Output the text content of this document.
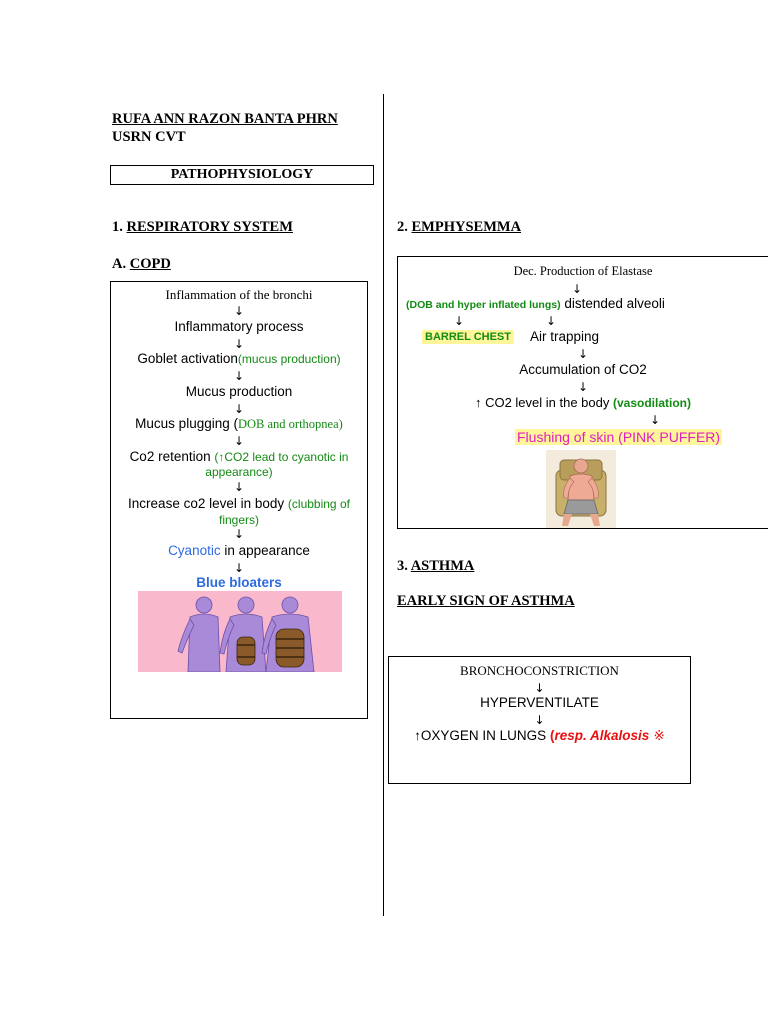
RUFA ANN RAZON BANTA PHRN
USRN CVT
PATHOPHYSIOLOGY
1. RESPIRATORY SYSTEM
A. COPD
Inflammation of the bronchi
↓
Inflammatory process
↓
Goblet activation(mucus production)
↓
Mucus production
↓
Mucus plugging (DOB and orthopnea)
↓
Co2 retention (↑CO2 lead to cyanotic in
appearance)
↓
Increase co2 level in body (clubbing of
fingers)
↓
Cyanotic in appearance
↓
Blue bloaters
2. EMPHYSEMMA
Dec. Production of Elastase
↓
(DOB and hyper inflated lungs) distended alveoli
↓	↓
BARREL CHEST Air trapping
↓
Accumulation of CO2
↓
↑ CO2 level in the body (vasodilation)
↓
Flushing of skin (PINK PUFFER)
3. ASTHMA
EARLY SIGN OF ASTHMA
BRONCHOCONSTRICTION
↓
HYPERVENTILATE
↓
↑OXYGEN IN LUNGS (resp. Alkalosis ※
